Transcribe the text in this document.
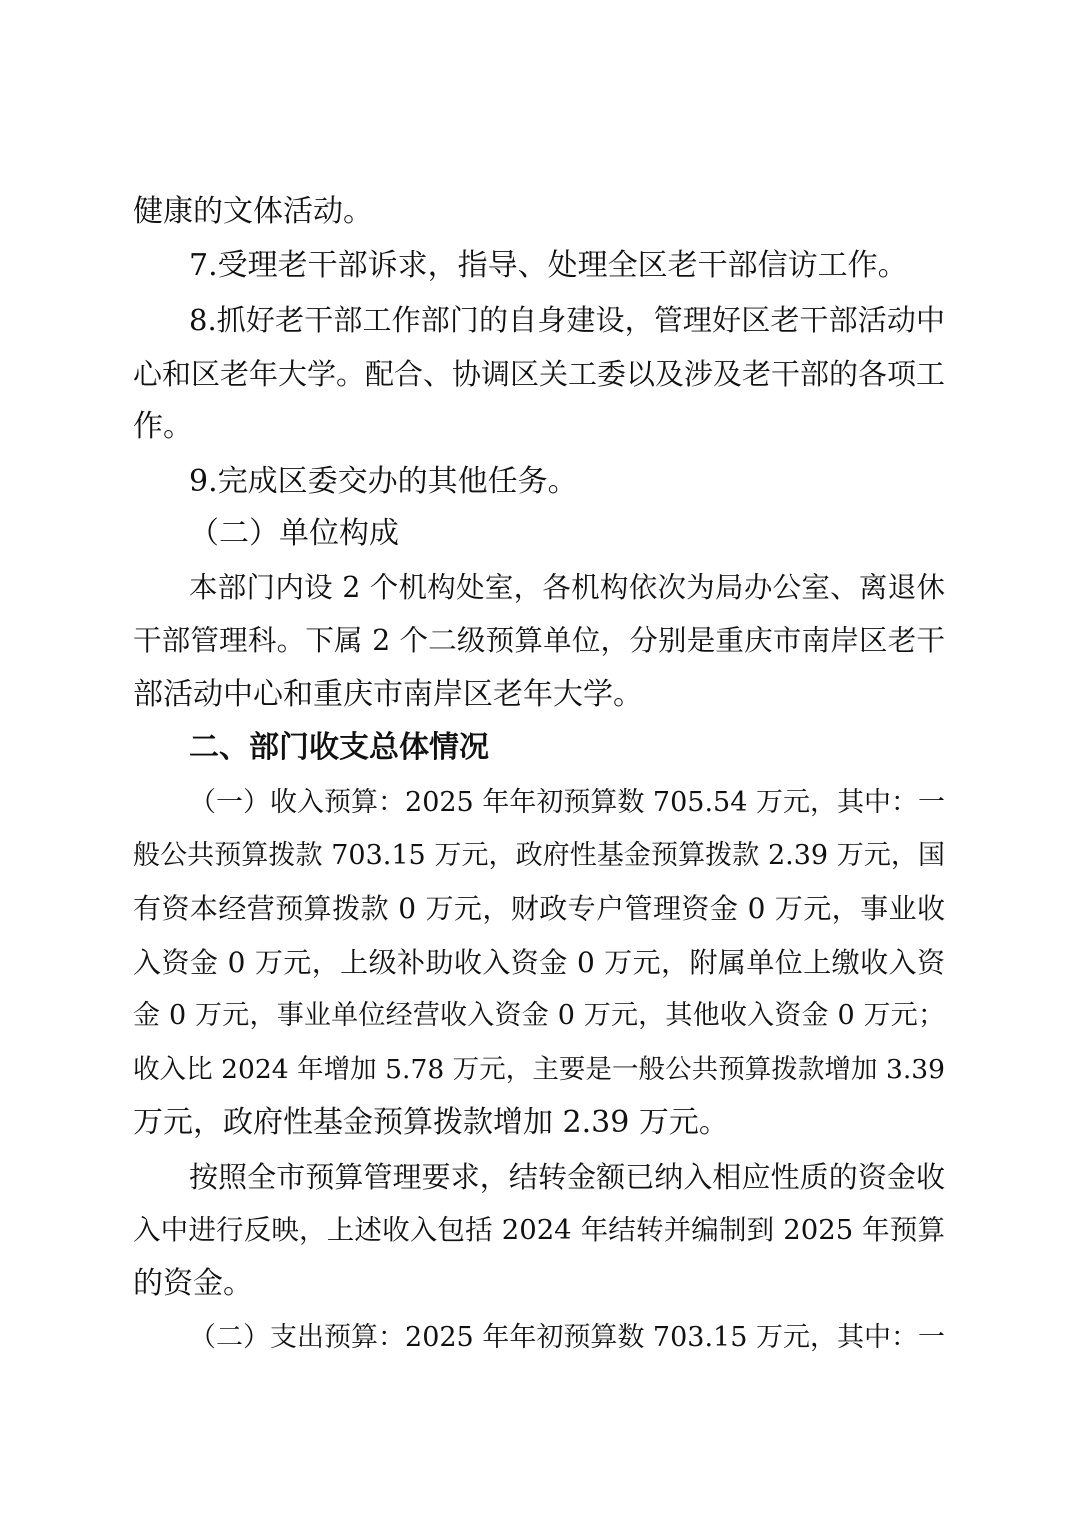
健康的文体活动。
7.受理老干部诉求，指导、处理全区老干部信访工作。
8.抓好老干部工作部门的自身建设，管理好区老干部活动中
心和区老年大学。配合、协调区关工委以及涉及老干部的各项工
作。
9.完成区委交办的其他任务。
（二）单位构成
本部门内设 2 个机构处室，各机构依次为局办公室、离退休
干部管理科。下属 2 个二级预算单位，分别是重庆市南岸区老干
部活动中心和重庆市南岸区老年大学。
二、部门收支总体情况
（一）收入预算：2025 年年初预算数 705.54 万元，其中：一
般公共预算拨款 703.15 万元，政府性基金预算拨款 2.39 万元，国
有资本经营预算拨款 0 万元，财政专户管理资金 0 万元，事业收
入资金 0 万元，上级补助收入资金 0 万元，附属单位上缴收入资
金 0 万元，事业单位经营收入资金 0 万元，其他收入资金 0 万元；
收入比 2024 年增加 5.78 万元，主要是一般公共预算拨款增加 3.39
万元，政府性基金预算拨款增加 2.39 万元。
按照全市预算管理要求，结转金额已纳入相应性质的资金收
入中进行反映，上述收入包括 2024 年结转并编制到 2025 年预算
的资金。
（二）支出预算：2025 年年初预算数 703.15 万元，其中：一
